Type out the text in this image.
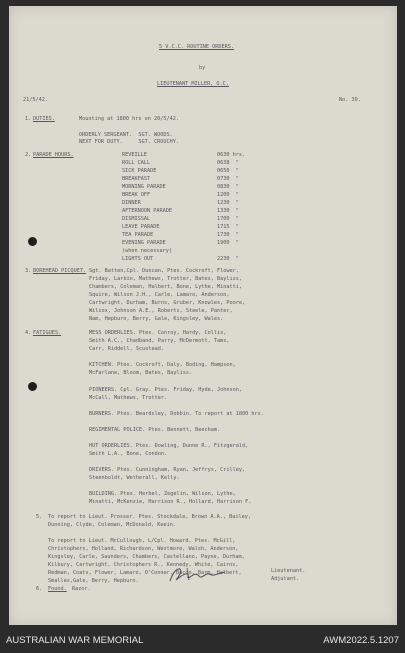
5 V.C.C. ROUTINE ORDERS.
by
LIEUTENANT MILLER, O.C.
21/5/42.	No. 39.
1. DUTIES.	Mounting at 1800 hrs on 20/5/42.
ORDERLY SERGEANT.  SGT. WOODS.
NEXT FOR DUTY.     SGT. CROUCHY.
2. PARADE HOURS.	REVEILLE	0630 hrs.
ROLL CALL	0638  "
SICK PARADE	0650  "
BREAKFAST	0730  "
MORNING PARADE	0830  "
BREAK OFF	1200  "
DINNER	1230  "
AFTERNOON PARADE	1330  "
DISMISSAL	1700  "
LEAVE PARADE	1715  "
TEA PARADE	1730  "
EVENING PARADE	1900  "
(when necessary)
LIGHTS OUT	2230  "
3. BOREHEAD PICQUET. Sgt. Batten,Cpl. Duncan, Ptes. Cockroft, Flower,
Friday, Larkin, Mathews, Trotter, Bates, Bayliss,
Chambers, Coleman, Halbert, Bone, Lythe, Minatti,
Squire, Wilson J.H., Carle, Lamaro, Anderson,
Cartwright, Durham, Burns, Gruber, Knowles, Poore,
Wilcox, Johnson A.E., Roberts, Steele, Panter,
Nam, Hepburn, Berry, Gale, Kingsley, Wales.
4. FATIGUES.	MESS ORDERLIES. Ptes. Conroy, Hardy, Collis,
Smith A.C., Chadband, Parry, McDermott, Tams,
Carr, Riddell, Scustead.
KITCHEN. Ptes. Cockroft, Daly, Boding, Hampson,
McFarlane, Bloom, Bates, Bayliss.
PIONEERS. Cpl. Gray. Ptes. Friday, Hyde, Johnson,
McCall, Mathews, Trotter.
BURNERS. Ptes. Beardsley, Dobbin. To report at 1800 hrs.
REGIMENTAL POLICE. Ptes. Bennett, Beecham.
HUT ORDERLIES. Ptes. Dowling, Dunne R., Fitzgerald,
Smith L.A., Bone, Condon.
DRIVERS. Ptes. Cunningham, Ryan, Jeffrys, Crilley,
Steenboldt, Wetherall, Kelly.
BUILDING. Ptes. Herbel, Zegelin, Wilson, Lythe,
Minatti, McKenzie, Harrison R., Hollard, Harrison F.
5. To report to Lieut. Prosser. Ptes. Stockdale, Brown A.A., Bailey,
Dunning, Clyde, Coleman, McDonald, Keein.
To report to Lieut. McCullough, L/Cpl. Howard, Ptes. McGill,
Christophers, Holland, Richardson, Westmore, Walsh, Anderson,
Kingsley, Carle, Saunders, Chambers, Castellano, Payne, Durham,
Kilbury, Cartwright, Christophers R., Kennedy, White, Cairns,
Redman, Coats, Flower, Lamaro, O'Conner, Bacon, Barm, Halbert,
Smalles,Gale, Berry, Hepburn.
6. Found. Razor.
Lieutenant.
Adjutant.
AUSTRALIAN WAR MEMORIAL	AWM2022.5.1207
